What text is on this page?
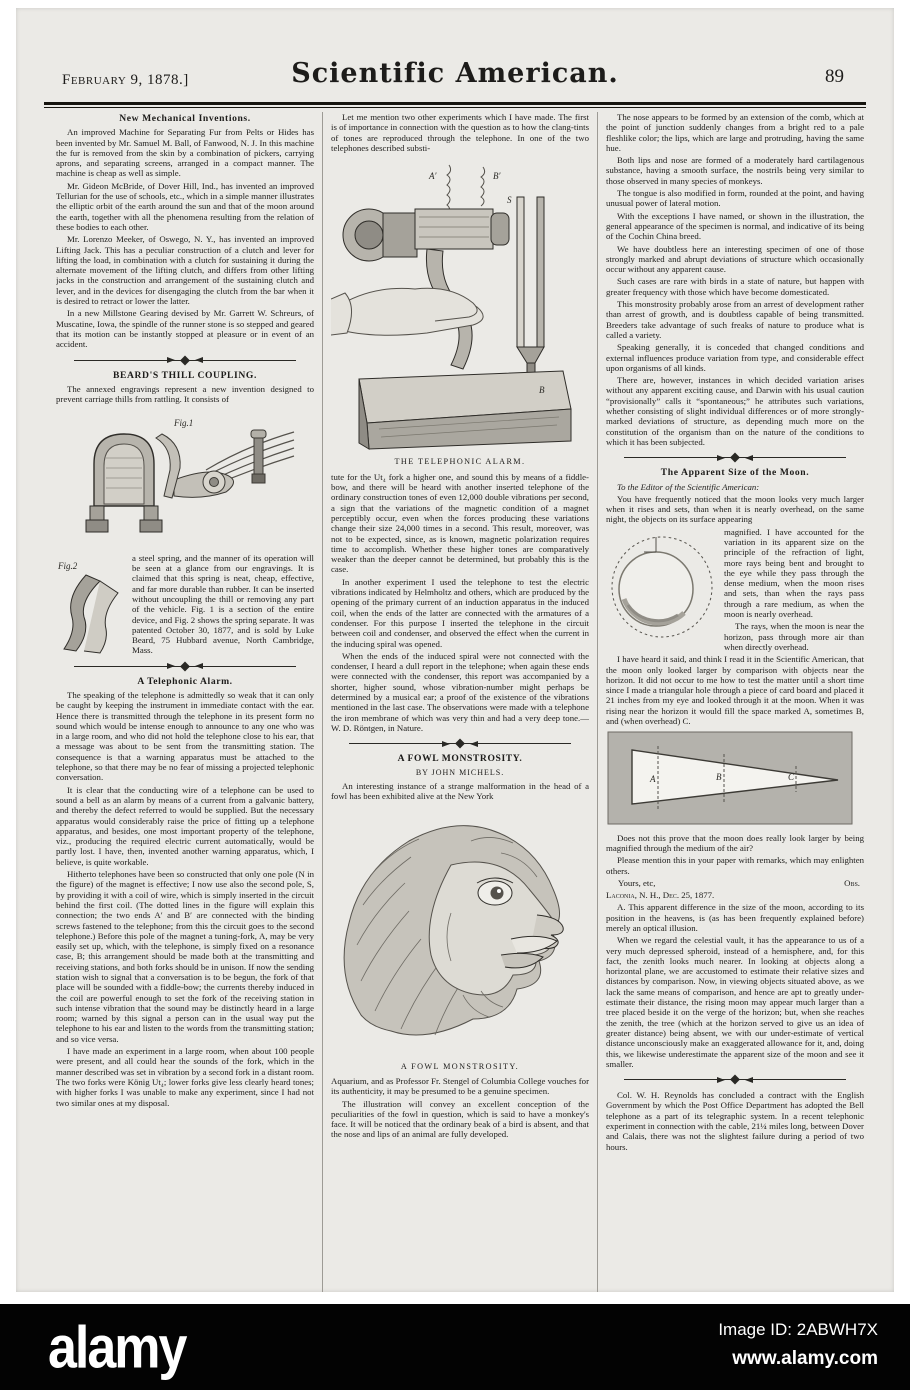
February 9, 1878.]	Scientific American.	89
New Mechanical Inventions.

An improved Machine for Separating Fur from Pelts or Hides has been invented by Mr. Samuel M. Ball, of Fanwood, N. J. In this machine the fur is removed from the skin by a combination of pickers, carrying aprons, and separating screens, arranged in a compact manner. The machine is cheap as well as simple.

Mr. Gideon McBride, of Dover Hill, Ind., has invented an improved Tellurian for the use of schools, etc., which in a simple manner illustrates the elliptic orbit of the earth around the sun and that of the moon around the earth, together with all the phenomena resulting from the relation of these bodies to each other.

Mr. Lorenzo Meeker, of Oswego, N. Y., has invented an improved Lifting Jack. This has a peculiar construction of a clutch and lever for lifting the load, in combination with a clutch for sustaining it during the alternate movement of the lifting clutch, and differs from other lifting jacks in the construction and arrangement of the sustaining clutch and lever, and in the devices for disengaging the clutch from the bar when it is desired to retract or lower the latter.

In a new Millstone Gearing devised by Mr. Garrett W. Schreurs, of Muscatine, Iowa, the spindle of the runner stone is so stepped and geared that its motion can be instantly stopped at pleasure or in event of an accident.

BEARD'S THILL COUPLING.

The annexed engravings represent a new invention designed to prevent carriage thills from rattling. It consists of

Fig.1
Fig.2

a steel spring, and the manner of its operation will be seen at a glance from our engravings. It is claimed that this spring is neat, cheap, effective, and far more durable than rubber. It can be inserted without uncoupling the thill or removing any part of the vehicle. Fig. 1 is a section of the entire device, and Fig. 2 shows the spring separate. It was patented October 30, 1877, and is sold by Luke Beard, 75 Hubbard avenue, North Cambridge, Mass.

A Telephonic Alarm.

The speaking of the telephone is admittedly so weak that it can only be caught by keeping the instrument in immediate contact with the ear. Hence there is transmitted through the telephone in its present form no sound which would be intense enough to announce to any one who was in a large room, and who did not hold the telephone close to his ear, that a message was about to be sent from the transmitting station. The consequence is that a warning apparatus must be attached to the telephone, so that there may be no fear of missing a projected telephonic conversation.

It is clear that the conducting wire of a telephone can be used to sound a bell as an alarm by means of a current from a galvanic battery, and thereby the defect referred to would be supplied. But the necessary apparatus would considerably raise the price of fitting up a telephone apparatus, and besides, one most important property of the telephone, viz., producing the required electric current automatically, would be partly lost. I have, then, invented another warning apparatus, which, I believe, is quite workable.

Hitherto telephones have been so constructed that only one pole (N in the figure) of the magnet is effective; I now use also the second pole, S, by providing it with a coil of wire, which is simply inserted in the circuit behind the first coil. (The dotted lines in the figure will explain this connection; the two ends A′ and B′ are connected with the binding screws fastened to the telephone; from this the circuit goes to the second telephone.) Before this pole of the magnet a tuning-fork, A, may be very easily set up, which, with the telephone, is simply fixed on a resonance case, B; this arrangement should be made both at the transmitting and receiving stations, and both forks should be in unison. If now the sending station wish to signal that a conversation is to be begun, the fork of that place will be sounded with a fiddle-bow; the currents thereby induced in the coil are powerful enough to set the fork of the receiving station in such intense vibration that the sound may be distinctly heard in a large room; warned by this signal a person can in the usual way put the telephone to his ear and listen to the words from the transmitting station; and so vice versa.

I have made an experiment in a large room, when about 100 people were present, and all could hear the sounds of the fork, which in the manner described was set in vibration by a second fork in a distant room. The two forks were König Ut₄; lower forks give less clearly heard tones; with higher forks I was unable to make any experiment, since I had not two similar ones at my disposal.

Let me mention two other experiments which I have made. The first is of importance in connection with the question as to how the clang-tints of tones are reproduced through the telephone. In one of the two telephones described substi-

A′	B′
S
B
THE TELEPHONIC ALARM.

tute for the Ut₄ fork a higher one, and sound this by means of a fiddle-bow, and there will be heard with another inserted telephone of the ordinary construction tones of even 12,000 double vibrations per second, a sign that the variations of the magnetic condition of a magnet perceptibly occur, even when the forces producing these variations change their size 24,000 times in a second. This result, moreover, was not to be expected, since, as is known, magnetic polarization requires time to accomplish. Whether these higher tones are comparatively weaker than the deeper cannot be determined, but probably this is the case.

In another experiment I used the telephone to test the electric vibrations indicated by Helmholtz and others, which are produced by the opening of the primary current of an induction apparatus in the induced coil, when the ends of the latter are connected with the armatures of a condenser. For this purpose I inserted the telephone in the circuit between coil and condenser, and observed the effect when the current in the inducing spiral was opened.

When the ends of the induced spiral were not connected with the condenser, I heard a dull report in the telephone; when again these ends were connected with the condenser, this report was accompanied by a shorter, higher sound, whose vibration-number might perhaps be determined by a musical ear; a proof of the existence of the vibrations mentioned in the last case. The observations were made with a telephone the iron membrane of which was very thin and had a very deep tone.—W. D. Röntgen, in Nature.

A FOWL MONSTROSITY.
BY JOHN MICHELS.

An interesting instance of a strange malformation in the head of a fowl has been exhibited alive at the New York

A FOWL MONSTROSITY.

Aquarium, and as Professor Fr. Stengel of Columbia College vouches for its authenticity, it may be presumed to be a genuine specimen.

The illustration will convey an excellent conception of the peculiarities of the fowl in question, which is said to have a monkey's face. It will be noticed that the ordinary beak of a bird is absent, and that the nose and lips of an animal are fully developed.

The nose appears to be formed by an extension of the comb, which at the point of junction suddenly changes from a bright red to a pale fleshlike color; the lips, which are large and protruding, having the same hue.

Both lips and nose are formed of a moderately hard cartilagenous substance, having a smooth surface, the nostrils being very similar to those observed in many species of monkeys.

The tongue is also modified in form, rounded at the point, and having unusual power of lateral motion.

With the exceptions I have named, or shown in the illustration, the general appearance of the specimen is normal, and indicative of its being of the Cochin China breed.

We have doubtless here an interesting specimen of one of those strongly marked and abrupt deviations of structure which occasionally occur without any apparent cause.

Such cases are rare with birds in a state of nature, but happen with greater frequency with those which have become domesticated.

This monstrosity probably arose from an arrest of development rather than arrest of growth, and is doubtless capable of being transmitted. Breeders take advantage of such freaks of nature to produce what is called a variety.

Speaking generally, it is conceded that changed conditions and external influences produce variation from type, and considerable effect upon organisms of all kinds.

There are, however, instances in which decided variation arises without any apparent exciting cause, and Darwin with his usual caution “provisionally” calls it “spontaneous;” he attributes such variations, whether consisting of slight individual differences or of more strongly-marked deviations of structure, as depending much more on the constitution of the organism than on the nature of the conditions to which it has been subjected.

The Apparent Size of the Moon.

To the Editor of the Scientific American:

You have frequently noticed that the moon looks very much larger when it rises and sets, than when it is nearly overhead, on the same night, the objects on its surface appearing

magnified. I have accounted for the variation in its apparent size on the principle of the refraction of light, more rays being bent and brought to the eye while they pass through the dense medium, when the moon rises and sets, than when the rays pass through a rare medium, as when the moon is nearly overhead.

The rays, when the moon is near the horizon, pass through more air than when directly overhead.

I have heard it said, and think I read it in the Scientific American, that the moon only looked larger by comparison with objects near the horizon. It did not occur to me how to test the matter until a short time since I made a triangular hole through a piece of card board and placed it 21 inches from my eye and looked through it at the moon. When it was rising near the horizon it would fill the space marked A, sometimes B, and (when overhead) C.

A	B	C

Does not this prove that the moon does really look larger by being magnified through the medium of the air?

Please mention this in your paper with remarks, which may enlighten others.

Yours, etc,	Obs.

Laconia, N. H., Dec. 25, 1877.

A. This apparent difference in the size of the moon, according to its position in the heavens, is (as has been frequently explained before) merely an optical illusion.

When we regard the celestial vault, it has the appearance to us of a very much depressed spheroid, instead of a hemisphere, and, for this fact, the zenith looks much nearer. In looking at objects along a horizontal plane, we are accustomed to estimate their relative sizes and distances by comparison. Now, in viewing objects situated above, as we lack the same means of comparison, and hence are apt to greatly under-estimate their distance, the rising moon may appear much larger than a tree placed beside it on the verge of the horizon; but, when she reaches the zenith, the tree (which at the horizon served to give us an idea of greater distance) being absent, we with our under-estimate of vertical distance unconsciously make an exaggerated allowance for it, and, doing this, we likewise underestimate the apparent size of the moon and see it smaller.

Col. W. H. Reynolds has concluded a contract with the English Government by which the Post Office Department has adopted the Bell telephone as a part of its telegraphic system. In a recent telephonic experiment in connection with the cable, 21¼ miles long, between Dover and Calais, there was not the slightest failure during a period of two hours.

alamy	Image ID: 2ABWH7X
www.alamy.com
